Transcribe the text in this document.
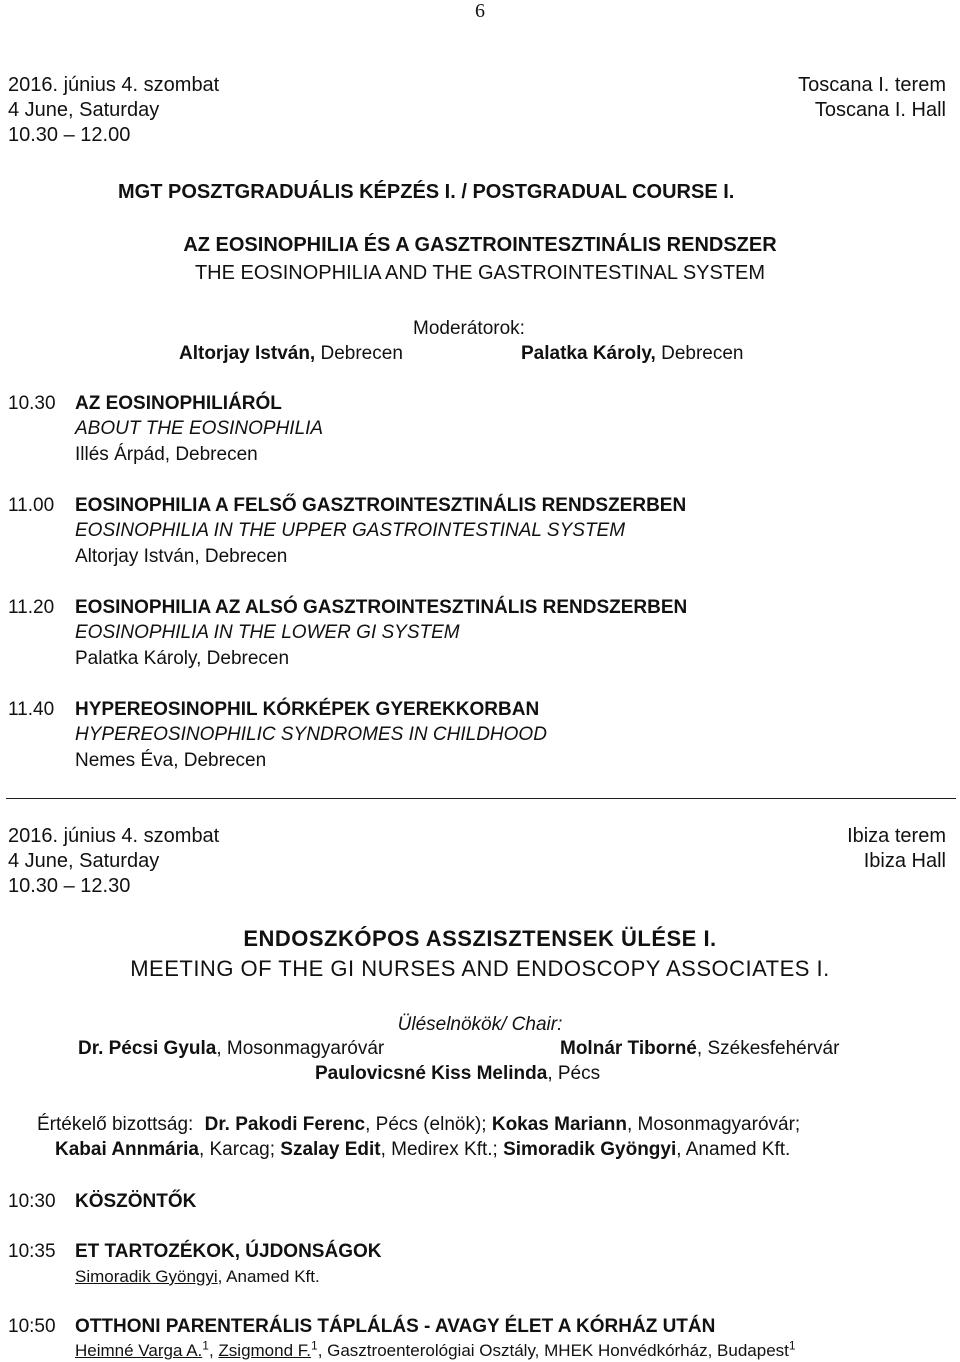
6
2016. június 4. szombat	Toscana I. terem
4 June, Saturday	Toscana I. Hall
10.30 – 12.00
MGT POSZTGRADUÁLIS KÉPZÉS I. / POSTGRADUAL COURSE I.
AZ EOSINOPHILIA ÉS A GASZTROINTESZTINÁLIS RENDSZER
THE EOSINOPHILIA AND THE GASTROINTESTINAL SYSTEM
Moderátorok:
Altorjay István, Debrecen	Palatka Károly, Debrecen
10.30 AZ EOSINOPHILIÁRÓL
ABOUT THE EOSINOPHILIA
Illés Árpád, Debrecen
11.00 EOSINOPHILIA A FELSŐ GASZTROINTESZTINÁLIS RENDSZERBEN
EOSINOPHILIA IN THE UPPER GASTROINTESTINAL SYSTEM
Altorjay István, Debrecen
11.20 EOSINOPHILIA AZ ALSÓ GASZTROINTESZTINÁLIS RENDSZERBEN
EOSINOPHILIA IN THE LOWER GI SYSTEM
Palatka Károly, Debrecen
11.40 HYPEREOSINOPHIL KÓRKÉPEK GYEREKKORBAN
HYPEREOSINOPHILIC SYNDROMES IN CHILDHOOD
Nemes Éva, Debrecen
2016. június 4. szombat	Ibiza terem
4 June, Saturday	Ibiza Hall
10.30 – 12.30
ENDOSZKÓPOS ASSZISZTENSEK ÜLÉSE I.
MEETING OF THE GI NURSES AND ENDOSCOPY ASSOCIATES I.
Üléselnökök/ Chair:
Dr. Pécsi Gyula, Mosonmagyaróvár	Molnár Tiborné, Székesfehérvár
Paulovicsné Kiss Melinda, Pécs
Értékelő bizottság: Dr. Pakodi Ferenc, Pécs (elnök); Kokas Mariann, Mosonmagyaróvár;
Kabai Annmária, Karcag; Szalay Edit, Medirex Kft.; Simoradik Gyöngyi, Anamed Kft.
10:30 KÖSZÖNTŐK
10:35 ET TARTOZÉKOK, ÚJDONSÁGOK
Simoradik Gyöngyi, Anamed Kft.
10:50 OTTHONI PARENTERÁLIS TÁPLÁLÁS - AVAGY ÉLET A KÓRHÁZ UTÁN
Heimné Varga A.$^1$, Zsigmond F.$^1$, Gasztroenterológiai Osztály, MHEK Honvédkórház, Budapest$^1$
